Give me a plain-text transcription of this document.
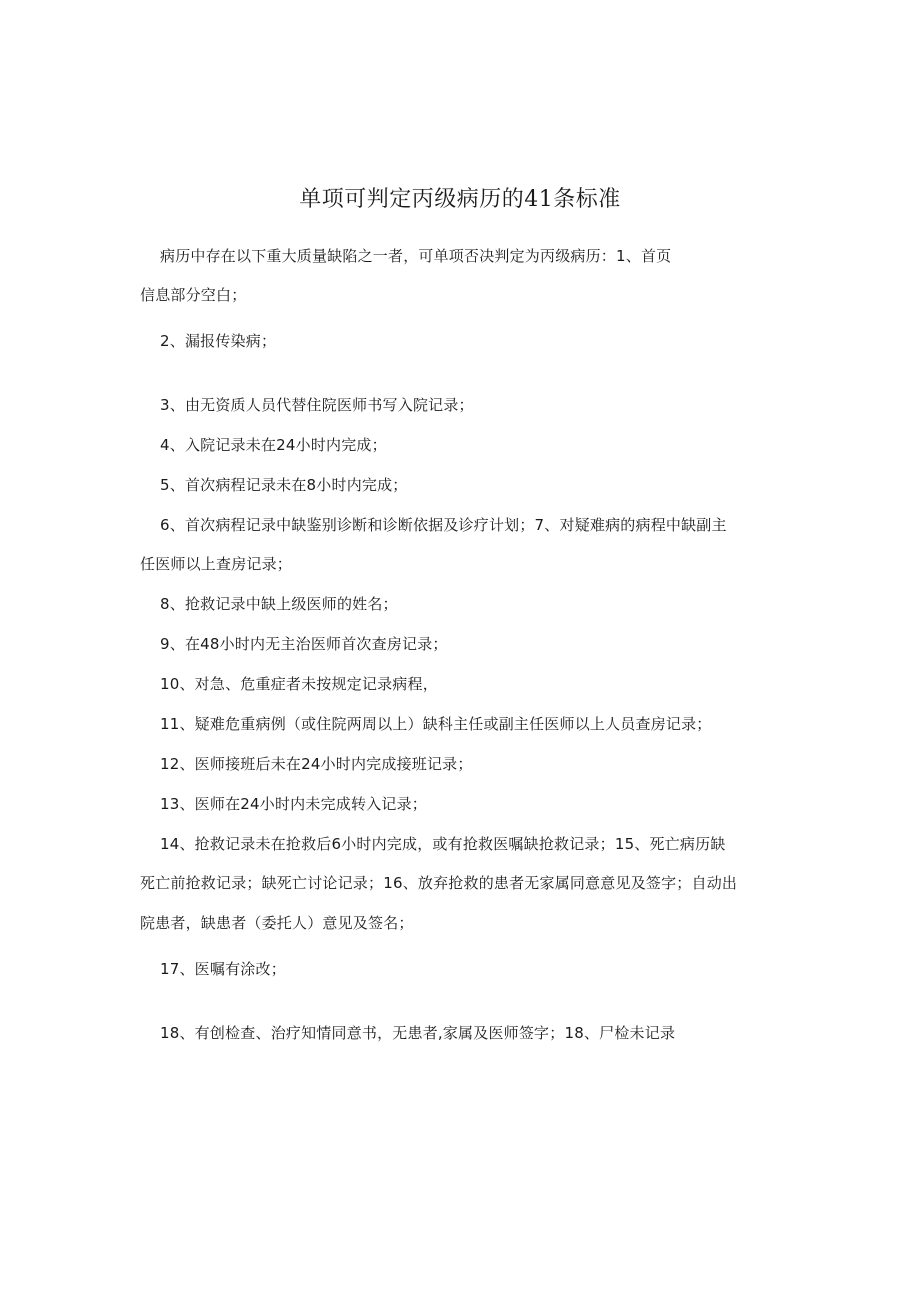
单项可判定丙级病历的41条标准
病历中存在以下重大质量缺陷之一者，可单项否决判定为丙级病历：1、首页
信息部分空白；
2、漏报传染病；
3、由无资质人员代替住院医师书写入院记录；
4、入院记录未在24小时内完成；
5、首次病程记录未在8小时内完成；
6、首次病程记录中缺鉴别诊断和诊断依据及诊疗计划；7、对疑难病的病程中缺副主
任医师以上查房记录；
8、抢救记录中缺上级医师的姓名；
9、在48小时内无主治医师首次查房记录；
10、对急、危重症者未按规定记录病程，
11、疑难危重病例（或住院两周以上）缺科主任或副主任医师以上人员查房记录；
12、医师接班后未在24小时内完成接班记录；
13、医师在24小时内未完成转入记录；
14、抢救记录未在抢救后6小时内完成，或有抢救医嘱缺抢救记录；15、死亡病历缺
死亡前抢救记录；缺死亡讨论记录；16、放弃抢救的患者无家属同意意见及签字；自动出
院患者，缺患者（委托人）意见及签名；
17、医嘱有涂改；
18、有创检查、治疗知情同意书，无患者,家属及医师签字；18、尸检未记录
